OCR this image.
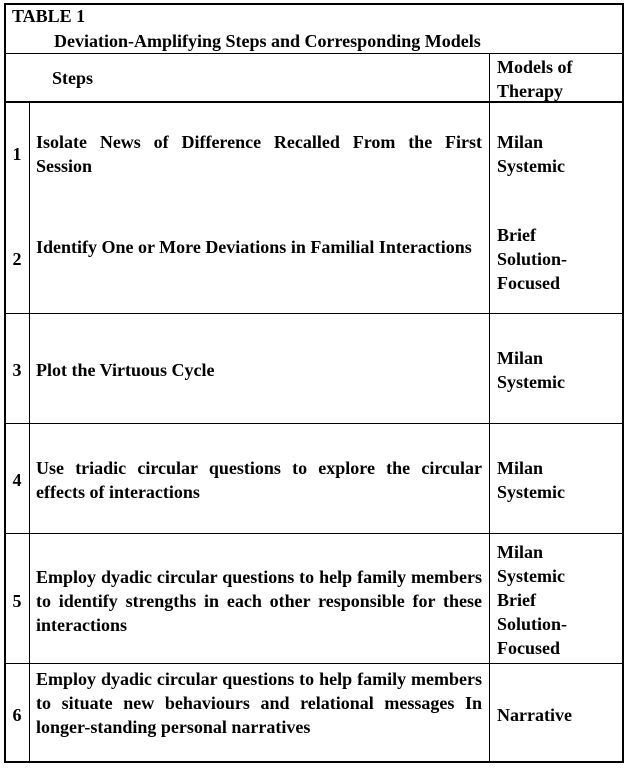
TABLE 1
Deviation-Amplifying Steps and Corresponding Models
Steps
Models of
Therapy
1
Isolate News of Difference Recalled From the First Session
Milan
Systemic
2
Identify One or More Deviations in Familial Interactions
Brief
Solution-
Focused
3 Plot the Virtuous Cycle
Milan
Systemic
4
Use triadic circular questions to explore the circular effects of interactions
Milan
Systemic
5
Employ dyadic circular questions to help family members to identify strengths in each other responsible for these interactions
Milan
Systemic
Brief
Solution-
Focused
6
Employ dyadic circular questions to help family members to situate new behaviours and relational messages In longer-standing personal narratives
Narrative
